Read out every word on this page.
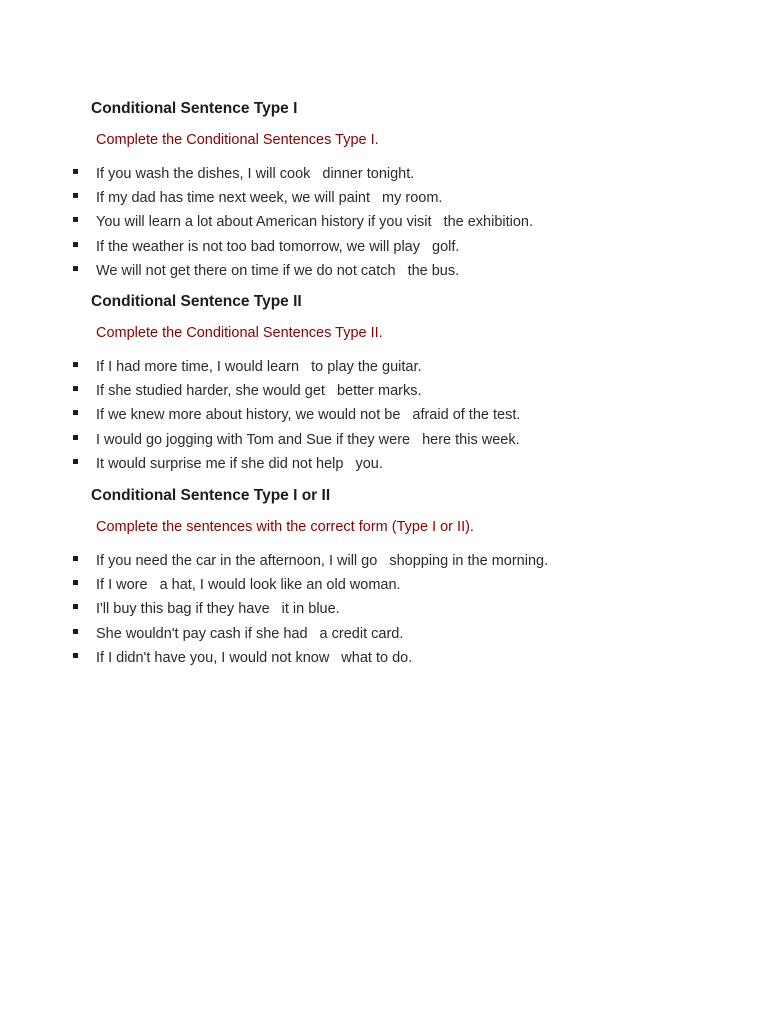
Conditional Sentence Type I
Complete the Conditional Sentences Type I.
If you wash the dishes, I will cook dinner tonight.
If my dad has time next week, we will paint my room.
You will learn a lot about American history if you visit the exhibition.
If the weather is not too bad tomorrow, we will play golf.
We will not get there on time if we do not catch the bus.
Conditional Sentence Type II
Complete the Conditional Sentences Type II.
If I had more time, I would learn to play the guitar.
If she studied harder, she would get better marks.
If we knew more about history, we would not be afraid of the test.
I would go jogging with Tom and Sue if they were here this week.
It would surprise me if she did not help you.
Conditional Sentence Type I or II
Complete the sentences with the correct form (Type I or II).
If you need the car in the afternoon, I will go shopping in the morning.
If I wore a hat, I would look like an old woman.
I'll buy this bag if they have it in blue.
She wouldn't pay cash if she had a credit card.
If I didn't have you, I would not know what to do.
